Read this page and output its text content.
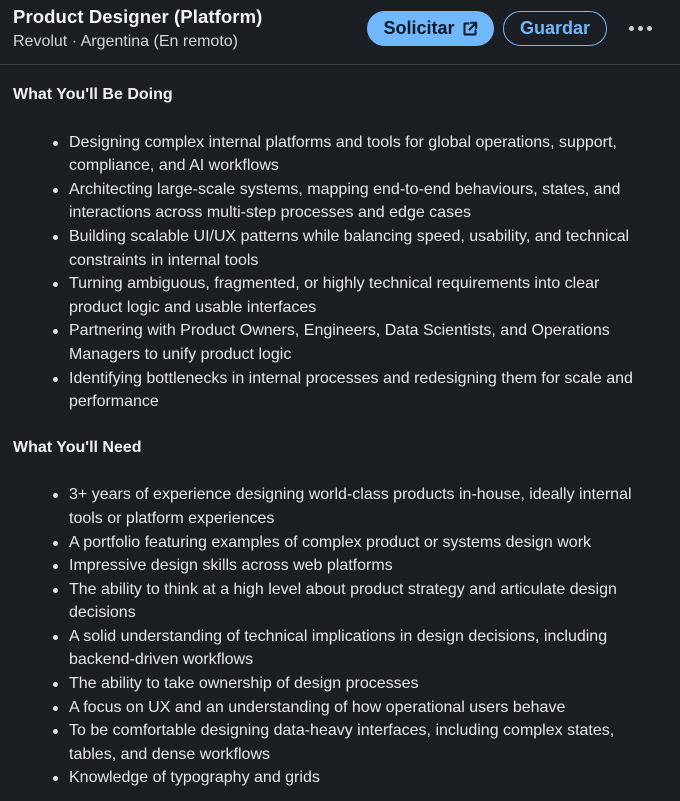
Product Designer (Platform)
Revolut · Argentina (En remoto)
Solicitar	Guardar
What You'll Be Doing
Designing complex internal platforms and tools for global operations, support, compliance, and AI workflows
Architecting large-scale systems, mapping end-to-end behaviours, states, and interactions across multi-step processes and edge cases
Building scalable UI/UX patterns while balancing speed, usability, and technical constraints in internal tools
Turning ambiguous, fragmented, or highly technical requirements into clear product logic and usable interfaces
Partnering with Product Owners, Engineers, Data Scientists, and Operations Managers to unify product logic
Identifying bottlenecks in internal processes and redesigning them for scale and performance
What You'll Need
3+ years of experience designing world-class products in-house, ideally internal tools or platform experiences
A portfolio featuring examples of complex product or systems design work
Impressive design skills across web platforms
The ability to think at a high level about product strategy and articulate design decisions
A solid understanding of technical implications in design decisions, including backend-driven workflows
The ability to take ownership of design processes
A focus on UX and an understanding of how operational users behave
To be comfortable designing data-heavy interfaces, including complex states, tables, and dense workflows
Knowledge of typography and grids
